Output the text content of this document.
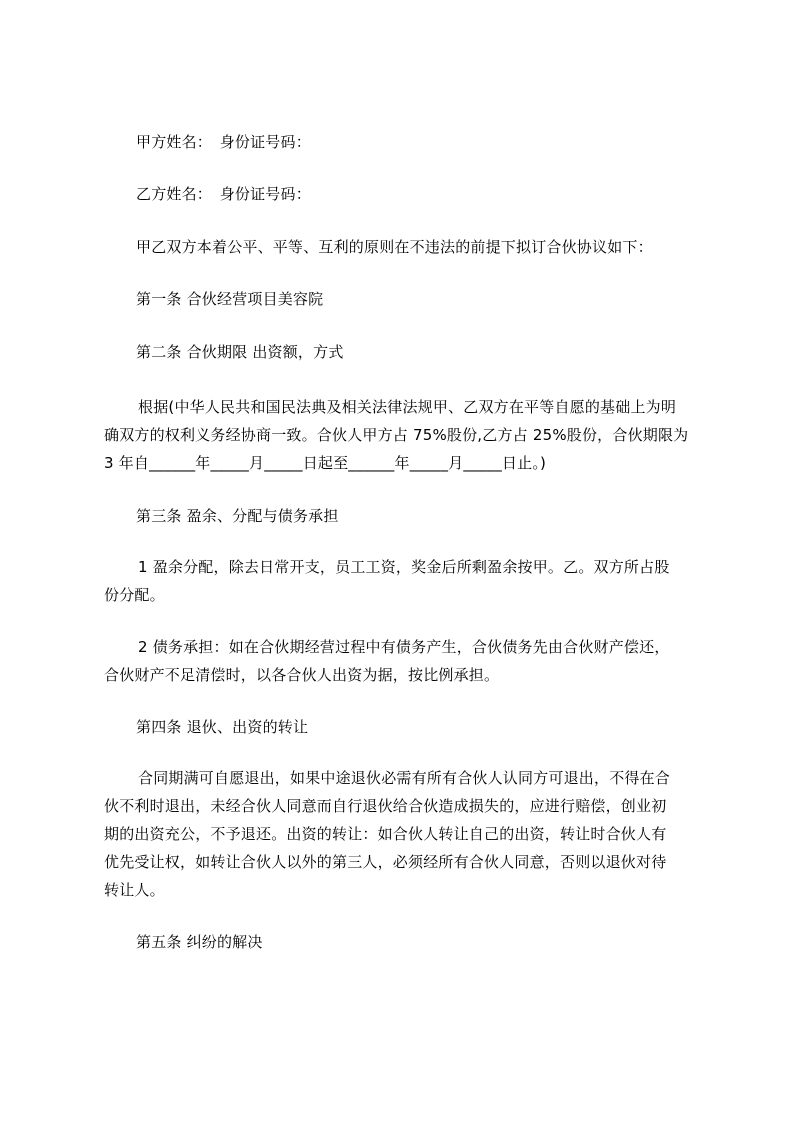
甲方姓名：　身份证号码：
乙方姓名：　身份证号码：
甲乙双方本着公平、平等、互利的原则在不违法的前提下拟订合伙协议如下：
第一条 合伙经营项目美容院
第二条 合伙期限 出资额，方式
根据(中华人民共和国民法典及相关法律法规甲、乙双方在平等自愿的基础上为明
确双方的权利义务经协商一致。合伙人甲方占 75%股份,乙方占 25%股份，合伙期限为
3 年自______年_____月_____日起至______年_____月_____日止。)
第三条 盈余、分配与债务承担
1 盈余分配，除去日常开支，员工工资，奖金后所剩盈余按甲。乙。双方所占股
份分配。
2 债务承担：如在合伙期经营过程中有债务产生，合伙债务先由合伙财产偿还，
合伙财产不足清偿时，以各合伙人出资为据，按比例承担。
第四条 退伙、出资的转让
合同期满可自愿退出，如果中途退伙必需有所有合伙人认同方可退出，不得在合
伙不利时退出，未经合伙人同意而自行退伙给合伙造成损失的，应进行赔偿，创业初
期的出资充公，不予退还。出资的转让：如合伙人转让自己的出资，转让时合伙人有
优先受让权，如转让合伙人以外的第三人，必须经所有合伙人同意，否则以退伙对待
转让人。
第五条 纠纷的解决
